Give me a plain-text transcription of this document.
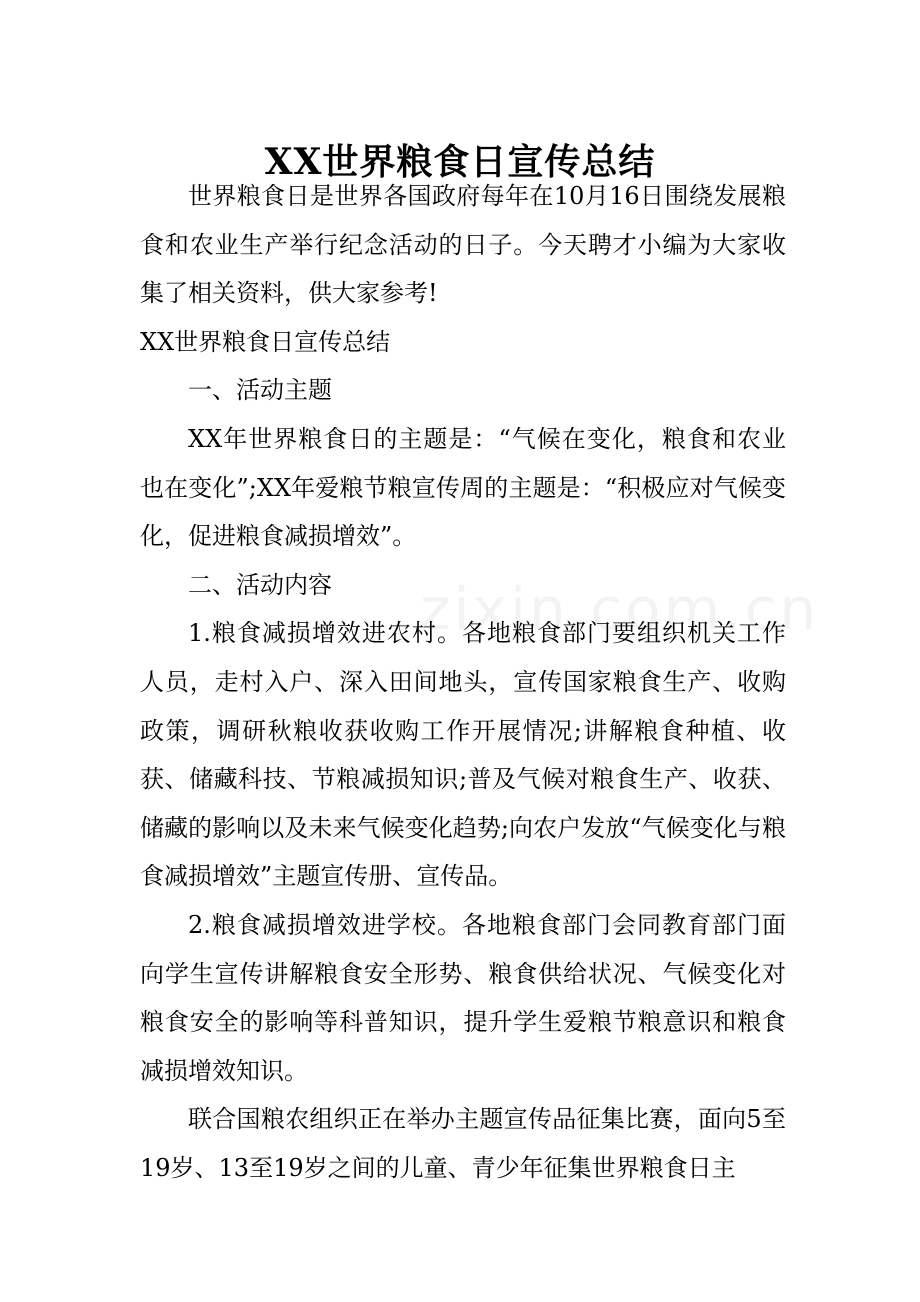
XX世界粮食日宣传总结

世界粮食日是世界各国政府每年在10月16日围绕发展粮食和农业生产举行纪念活动的日子。今天聘才小编为大家收集了相关资料，供大家参考!

XX世界粮食日宣传总结

一、活动主题

XX年世界粮食日的主题是：“气候在变化，粮食和农业也在变化”;XX年爱粮节粮宣传周的主题是：“积极应对气候变化，促进粮食减损增效”。

二、活动内容

1.粮食减损增效进农村。各地粮食部门要组织机关工作人员，走村入户、深入田间地头，宣传国家粮食生产、收购政策，调研秋粮收获收购工作开展情况;讲解粮食种植、收获、储藏科技、节粮减损知识;普及气候对粮食生产、收获、储藏的影响以及未来气候变化趋势;向农户发放“气候变化与粮食减损增效”主题宣传册、宣传品。

2.粮食减损增效进学校。各地粮食部门会同教育部门面向学生宣传讲解粮食安全形势、粮食供给状况、气候变化对粮食安全的影响等科普知识，提升学生爱粮节粮意识和粮食减损增效知识。

联合国粮农组织正在举办主题宣传品征集比赛，面向5至19岁、13至19岁之间的儿童、青少年征集世界粮食日主
